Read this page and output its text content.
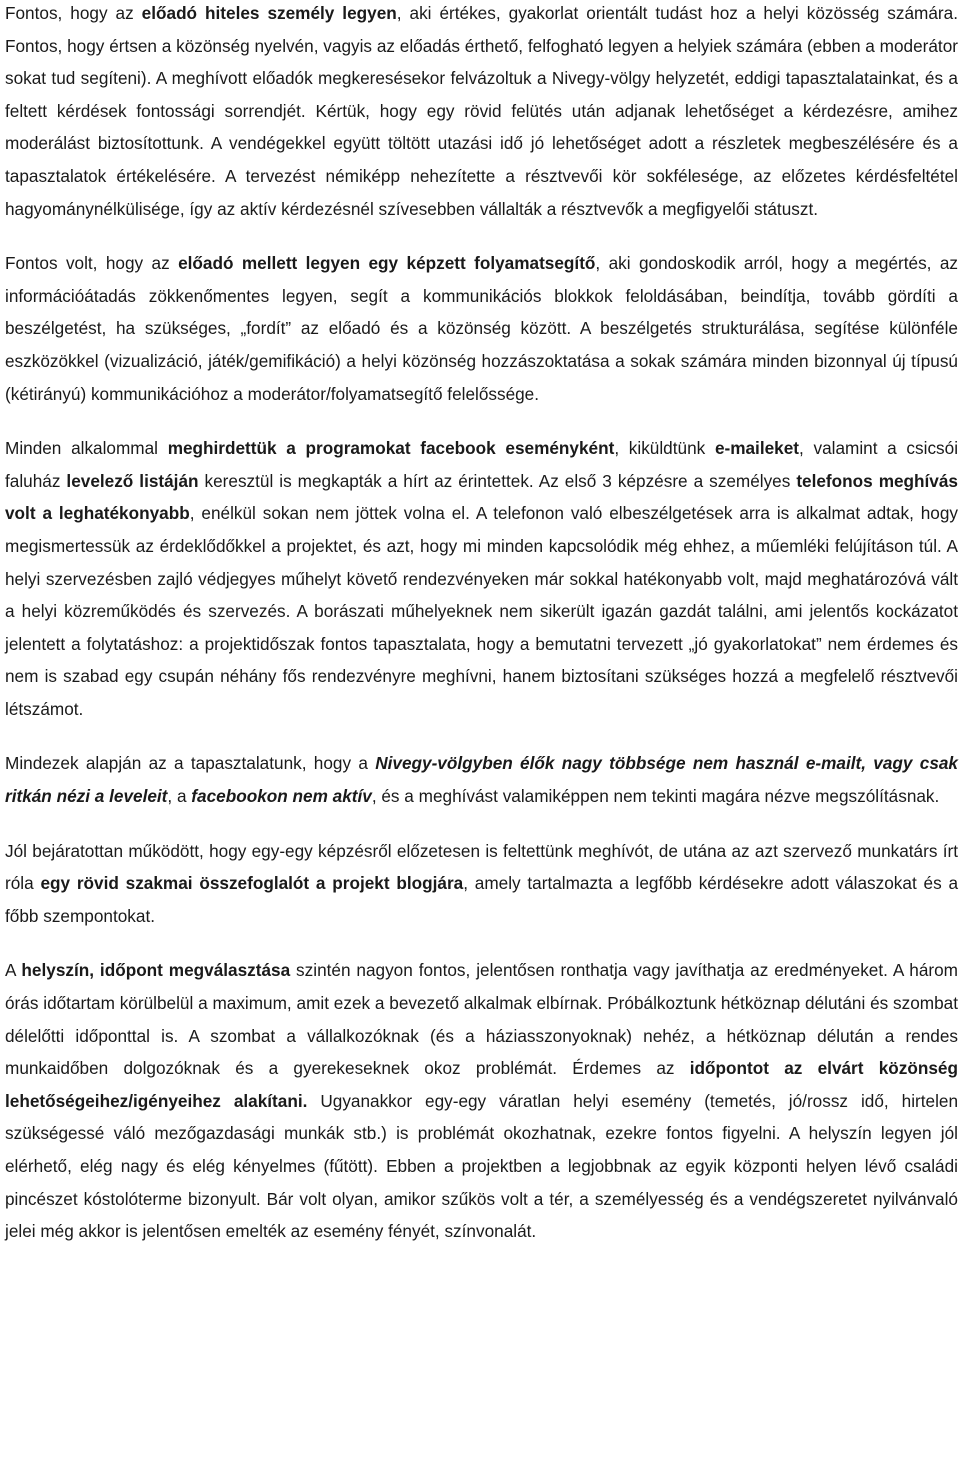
Fontos, hogy az előadó hiteles személy legyen, aki értékes, gyakorlat orientált tudást hoz a helyi közösség számára. Fontos, hogy értsen a közönség nyelvén, vagyis az előadás érthető, felfogható legyen a helyiek számára (ebben a moderátor sokat tud segíteni). A meghívott előadók megkeresésekor felvázoltuk a Nivegy-völgy helyzetét, eddigi tapasztalatainkat, és a feltett kérdések fontossági sorrendjét. Kértük, hogy egy rövid felütés után adjanak lehetőséget a kérdezésre, amihez moderálást biztosítottunk. A vendégekkel együtt töltött utazási idő jó lehetőséget adott a részletek megbeszélésére és a tapasztalatok értékelésére. A tervezést némiképp nehezítette a résztvevői kör sokfélesége, az előzetes kérdésfeltétel hagyománynélkülisége, így az aktív kérdezésnél szívesebben vállalták a résztvevők a megfigyelői státuszt.

Fontos volt, hogy az előadó mellett legyen egy képzett folyamatsegítő, aki gondoskodik arról, hogy a megértés, az információátadás zökkenőmentes legyen, segít a kommunikációs blokkok feloldásában, beindítja, tovább gördíti a beszélgetést, ha szükséges, „fordít” az előadó és a közönség között. A beszélgetés strukturálása, segítése különféle eszközökkel (vizualizáció, játék/gemifikáció) a helyi közönség hozzászoktatása a sokak számára minden bizonnyal új típusú (kétirányú) kommunikációhoz a moderátor/folyamatsegítő felelőssége.

Minden alkalommal meghirdettük a programokat facebook eseményként, kiküldtünk e-maileket, valamint a csicsói faluház levelező listáján keresztül is megkapták a hírt az érintettek. Az első 3 képzésre a személyes telefonos meghívás volt a leghatékonyabb, enélkül sokan nem jöttek volna el. A telefonon való elbeszélgetések arra is alkalmat adtak, hogy megismertessük az érdeklődőkkel a projektet, és azt, hogy mi minden kapcsolódik még ehhez, a műemléki felújításon túl. A helyi szervezésben zajló védjegyes műhelyt követő rendezvényeken már sokkal hatékonyabb volt, majd meghatározóvá vált a helyi közreműködés és szervezés. A borászati műhelyeknek nem sikerült igazán gazdát találni, ami jelentős kockázatot jelentett a folytatáshoz: a projektidőszak fontos tapasztalata, hogy a bemutatni tervezett „jó gyakorlatokat” nem érdemes és nem is szabad egy csupán néhány fős rendezvényre meghívni, hanem biztosítani szükséges hozzá a megfelelő résztvevői létszámot.

Mindezek alapján az a tapasztalatunk, hogy a Nivegy-völgyben élők nagy többsége nem használ e-mailt, vagy csak ritkán nézi a leveleit, a facebookon nem aktív, és a meghívást valamiképpen nem tekinti magára nézve megszólításnak.

Jól bejáratottan működött, hogy egy-egy képzésről előzetesen is feltettünk meghívót, de utána az azt szervező munkatárs írt róla egy rövid szakmai összefoglalót a projekt blogjára, amely tartalmazta a legfőbb kérdésekre adott válaszokat és a főbb szempontokat.

A helyszín, időpont megválasztása szintén nagyon fontos, jelentősen ronthatja vagy javíthatja az eredményeket. A három órás időtartam körülbelül a maximum, amit ezek a bevezető alkalmak elbírnak. Próbálkoztunk hétköznap délutáni és szombat délelőtti időponttal is. A szombat a vállalkozóknak (és a háziasszonyoknak) nehéz, a hétköznap délután a rendes munkaidőben dolgozóknak és a gyerekeseknek okoz problémát. Érdemes az időpontot az elvárt közönség lehetőségeihez/igényeihez alakítani. Ugyanakkor egy-egy váratlan helyi esemény (temetés, jó/rossz idő, hirtelen szükségessé váló mezőgazdasági munkák stb.) is problémát okozhatnak, ezekre fontos figyelni. A helyszín legyen jól elérhető, elég nagy és elég kényelmes (fűtött). Ebben a projektben a legjobbnak az egyik központi helyen lévő családi pincészet kóstolóterme bizonyult. Bár volt olyan, amikor szűkös volt a tér, a személyesség és a vendégszeretet nyilvánvaló jelei még akkor is jelentősen emelték az esemény fényét, színvonalát.
